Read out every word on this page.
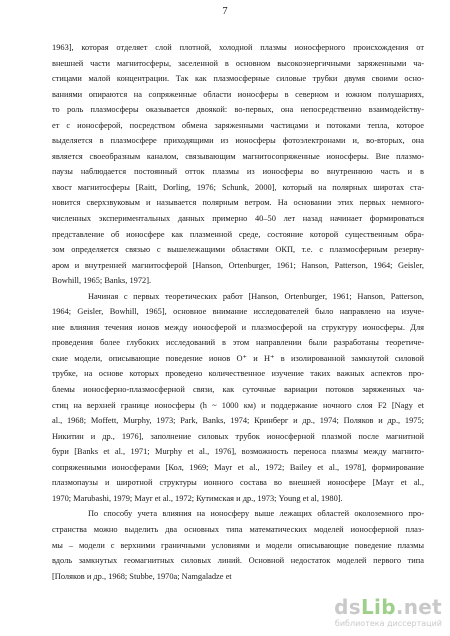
7
1963], которая отделяет слой плотной, холодной плазмы ионосферного происхождения от
внешней части магнитосферы, заселенной в основном высокоэнергичными заряженными ча-
стицами малой концентрации. Так как плазмосферные силовые трубки двумя своими осно-
ваниями опираются на сопряженные области ионосферы в северном и южном полушариях,
то роль плазмосферы оказывается двоякой: во-первых, она непосредственно взаимодейству-
ет с ионосферой, посредством обмена заряженными частицами и потоками тепла, которое
выделяется в плазмосфере приходящими из ионосферы фотоэлектронами и, во-вторых, она
является своеобразным каналом, связывающим магнитосопряженные ионосферы. Вне плазмо-
паузы наблюдается постоянный отток плазмы из ионосферы во внутреннюю часть и в
хвост магнитосферы [Raitt, Dorling, 1976; Schunk, 2000], который на полярных широтах ста-
новится сверхзвуковым и называется полярным ветром. На основании этих первых немного-
численных экспериментальных данных примерно 40–50 лет назад начинает формироваться
представление об ионосфере как плазменной среде, состояние которой существенным обра-
зом определяется связью с вышележащими областями ОКП, т.е. с плазмосферным резерву-
аром и внутренней магнитосферой [Hanson, Ortenburger, 1961; Hanson, Patterson, 1964; Geisler,
Bowhill, 1965; Banks, 1972].
Начиная с первых теоретических работ [Hanson, Ortenburger, 1961; Hanson, Patterson,
1964; Geisler, Bowhill, 1965], основное внимание исследователей было направлено на изуче-
ние влияния течения ионов между ионосферой и плазмосферой на структуру ионосферы. Для
проведения более глубоких исследований в этом направлении были разработаны теоретиче-
ские модели, описывающие поведение ионов O⁺ и H⁺ в изолированной замкнутой силовой
трубке, на основе которых проведено количественное изучение таких важных аспектов про-
блемы ионосферно-плазмосферной связи, как суточные вариации потоков заряженных ча-
стиц на верхней границе ионосферы (h ~ 1000 км) и поддержание ночного слоя F2 [Nagy et
al., 1968; Moffett, Murphy, 1973; Park, Banks, 1974; Кринберг и др., 1974; Поляков и др., 1975;
Никитин и др., 1976], заполнение силовых трубок ионосферной плазмой после магнитной
бури [Banks et al., 1971; Murphy et al., 1976], возможность переноса плазмы между магнито-
сопряженными ионосферами [Кол, 1969; Mayr et al., 1972; Bailey et al., 1978], формирование
плазмопаузы и широтной структуры ионного состава во внешней ионосфере [Mayr et al.,
1970; Marubashi, 1979; Mayr et al., 1972; Кутимская и др., 1973; Young et al, 1980].
По способу учета влияния на ионосферу выше лежащих областей околоземного про-
странства можно выделить два основных типа математических моделей ионосферной плаз-
мы – модели с верхними граничными условиями и модели описывающие поведение плазмы
вдоль замкнутых геомагнитных силовых линий. Основной недостаток моделей первого типа
[Поляков и др., 1968; Stubbe, 1970а; Namgaladze et
dsLib.net
библиотека диссертаций
